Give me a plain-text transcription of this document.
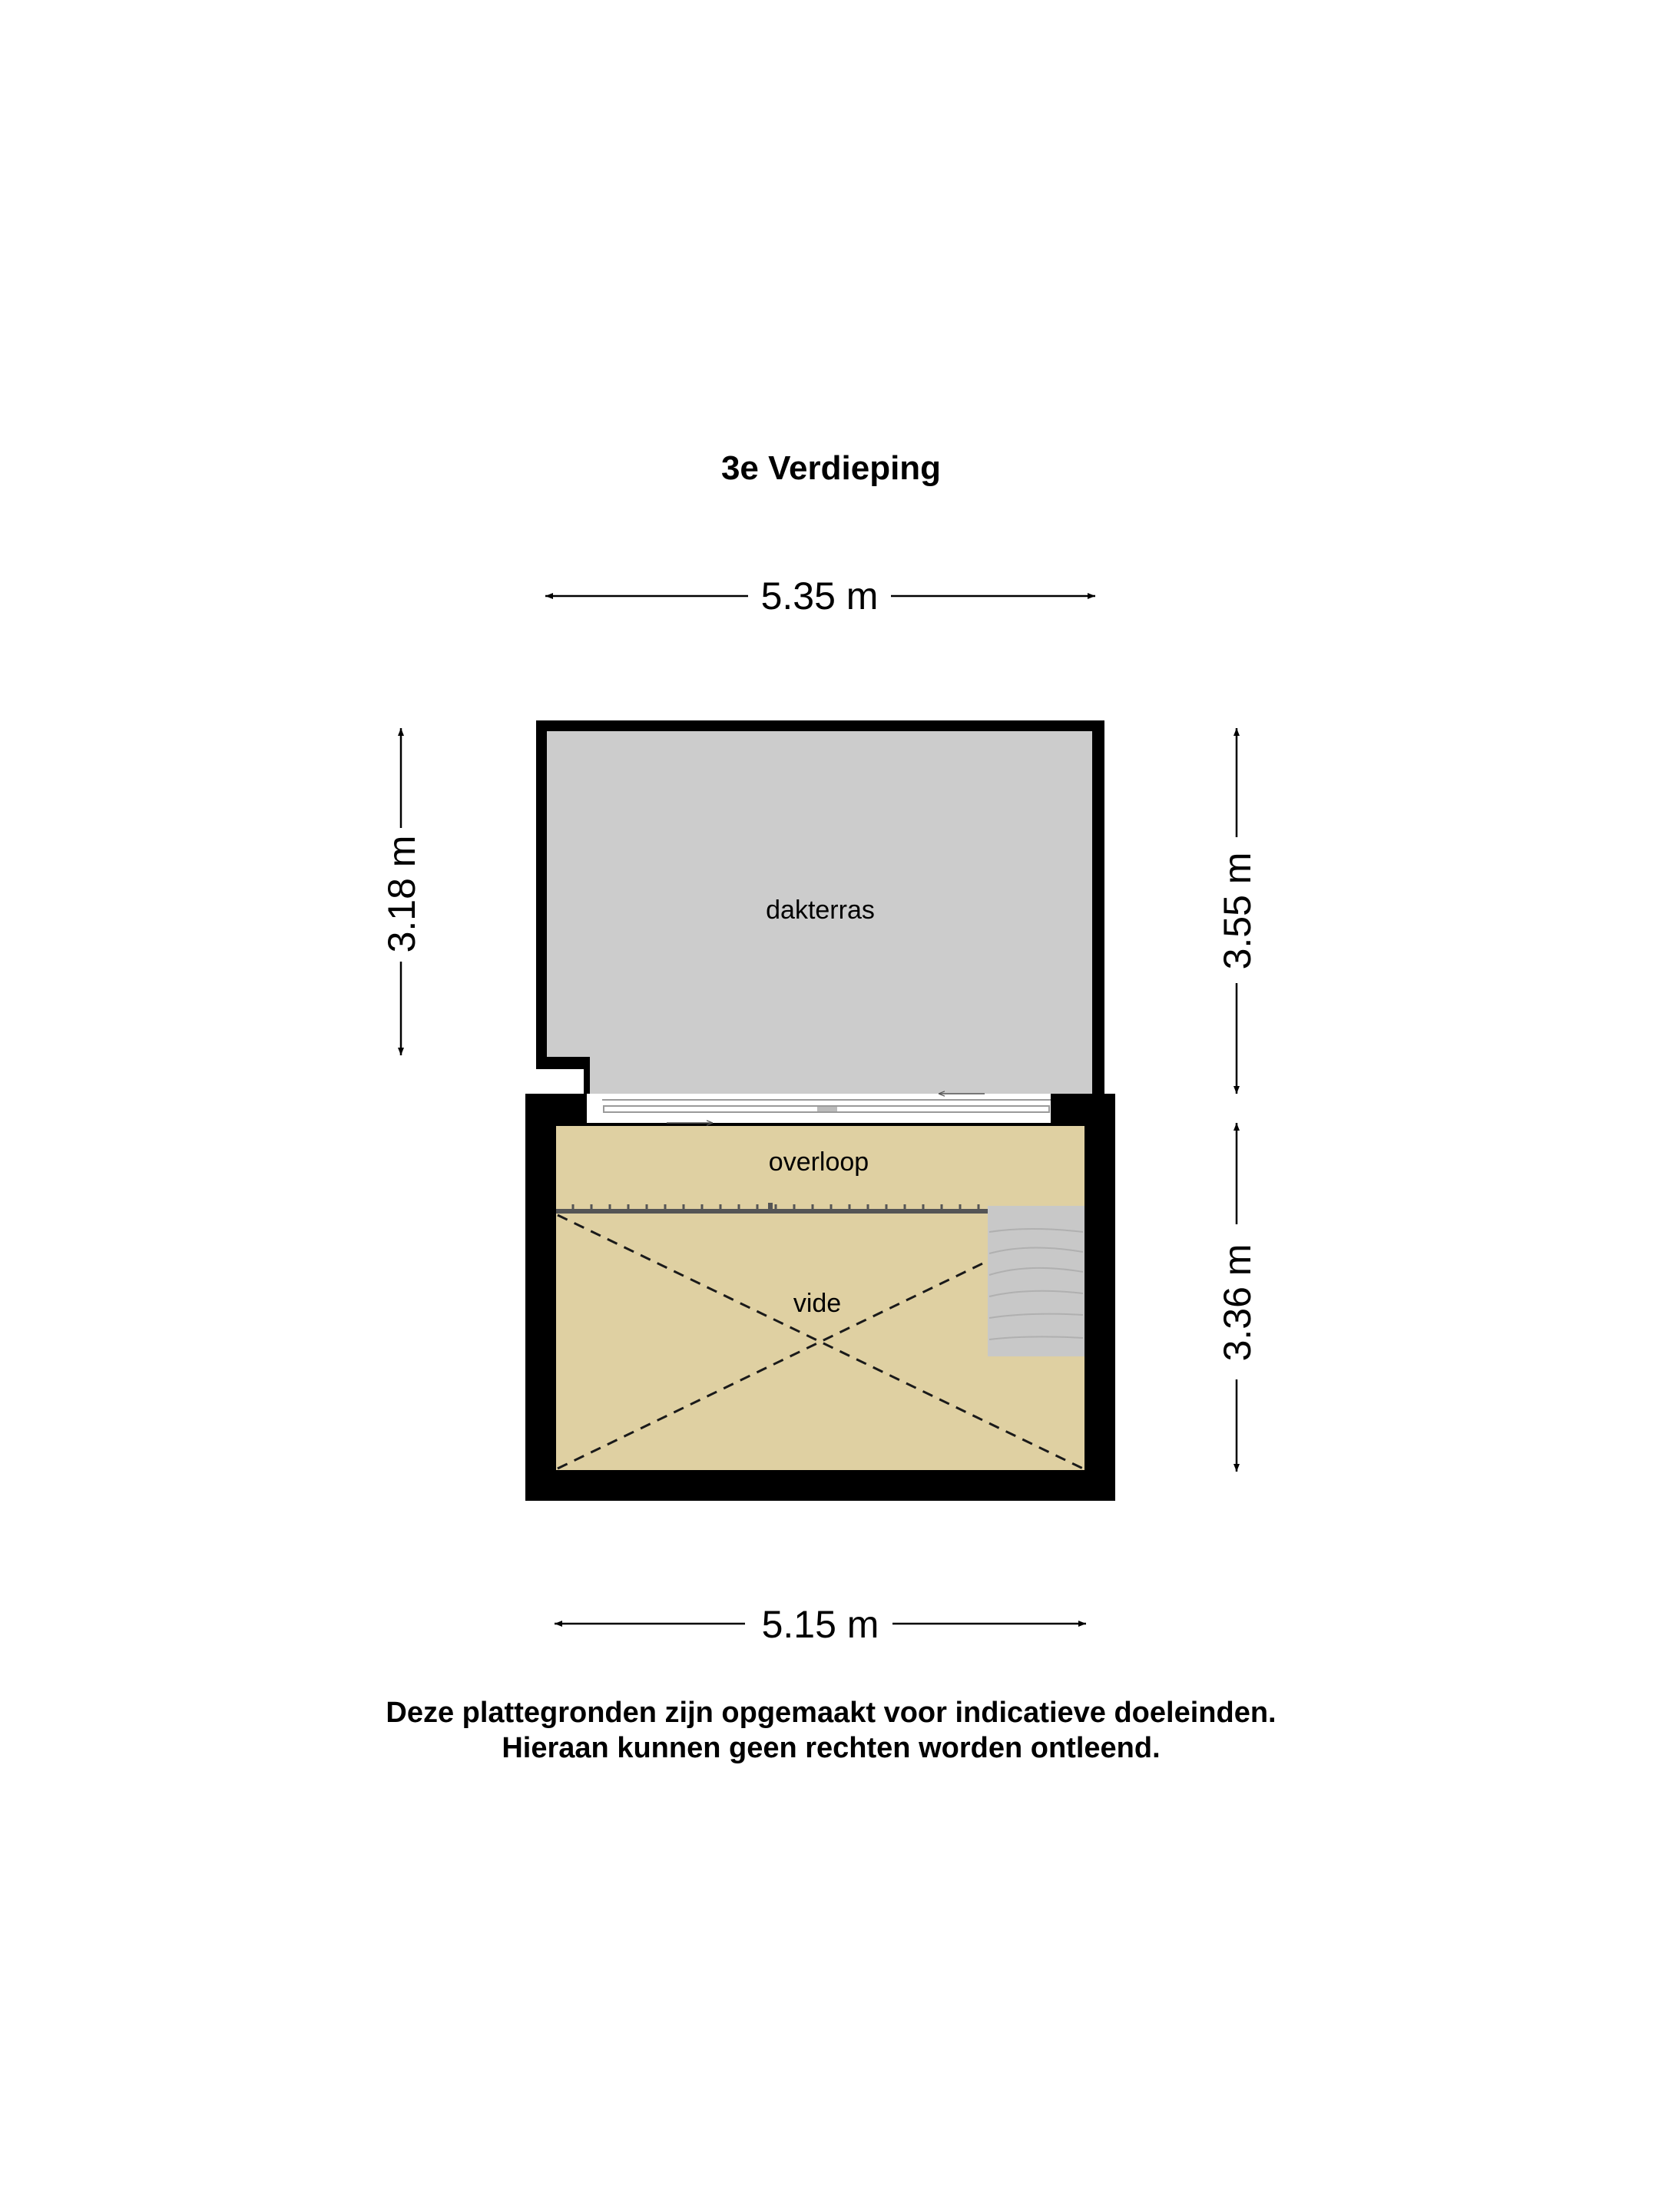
3e Verdieping
5.35 m
3.18 m	3.55 m
3.36 m
5.15 m
dakterras
overloop
vide
Deze plattegronden zijn opgemaakt voor indicatieve doeleinden.
Hieraan kunnen geen rechten worden ontleend.
